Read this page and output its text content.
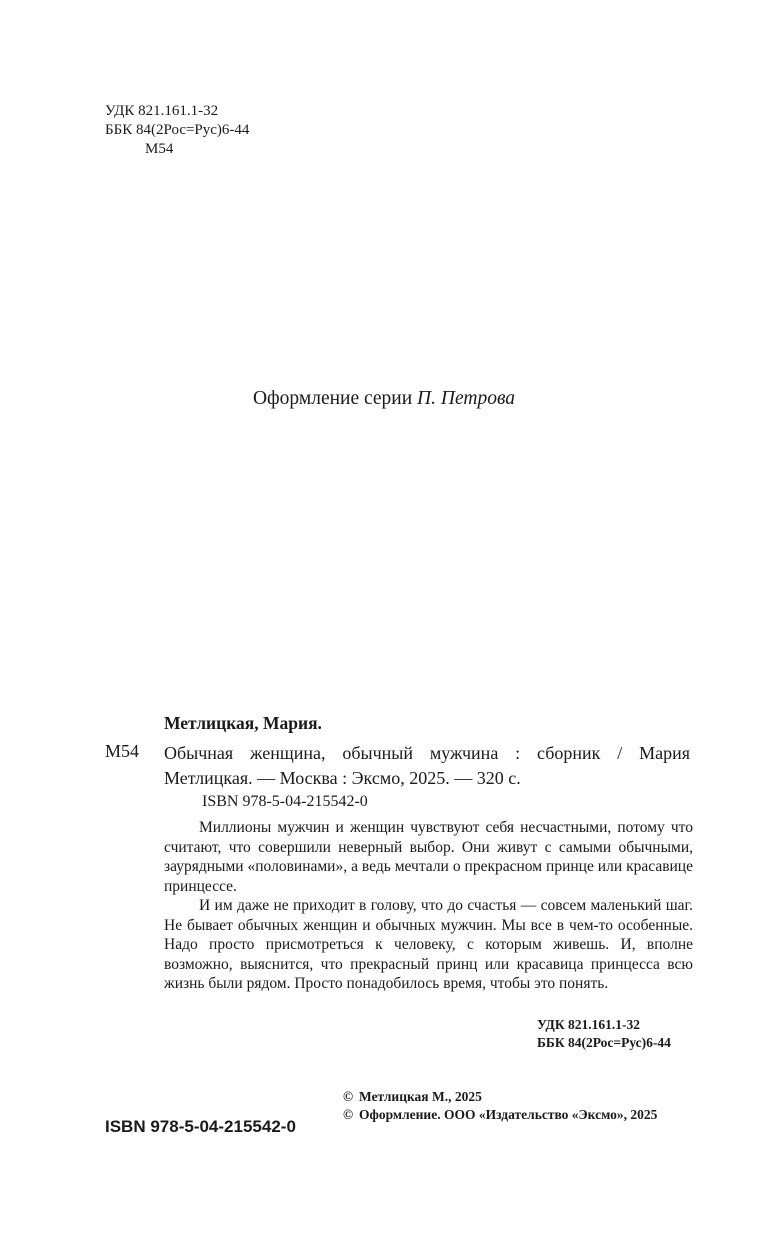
УДК 821.161.1-32
ББК 84(2Рос=Рус)6-44
М54
Оформление серии П. Петрова
Метлицкая, Мария.
М54 Обычная женщина, обычный мужчина : сборник / Мария Метлицкая. — Москва : Эксмо, 2025. — 320 с.
ISBN 978-5-04-215542-0

Миллионы мужчин и женщин чувствуют себя несчастными, потому что считают, что совершили неверный выбор. Они живут с самыми обычными, заурядными «половинами», а ведь мечтали о прекрасном принце или красавице принцессе.

И им даже не приходит в голову, что до счастья — совсем маленький шаг. Не бывает обычных женщин и обычных мужчин. Мы все в чем-то особенные. Надо просто присмотреться к человеку, с которым живешь. И, вполне возможно, выяснится, что прекрасный принц или красавица принцесса всю жизнь были рядом. Просто понадобилось время, чтобы это понять.

УДК 821.161.1-32
ББК 84(2Рос=Рус)6-44
© Метлицкая М., 2025
© Оформление. ООО «Издательство «Эксмо», 2025
ISBN 978-5-04-215542-0
